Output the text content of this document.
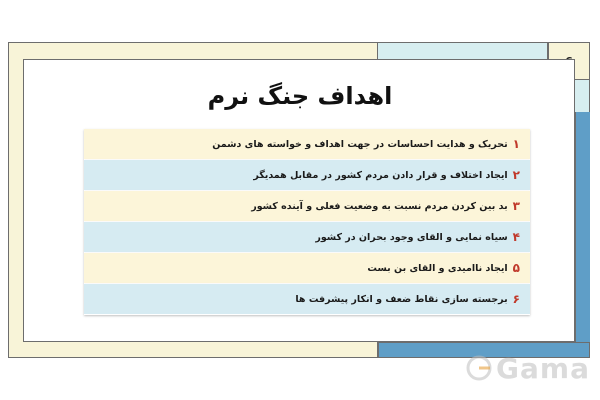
اهداف جنگ نرم
۱
تحریک و هدایت احساسات در جهت اهداف و خواسته های دشمن
۲
ایجاد اختلاف و قرار دادن مردم کشور در مقابل همدیگر
۳
بد بین کردن مردم نسبت به وضعیت فعلی و آینده کشور
۴
سیاه نمایی و القای وجود بحران در کشور
۵
ایجاد ناامیدی و القای بن بست
۶
برجسته سازی نقاط ضعف و انکار پیشرفت ها
Gama
